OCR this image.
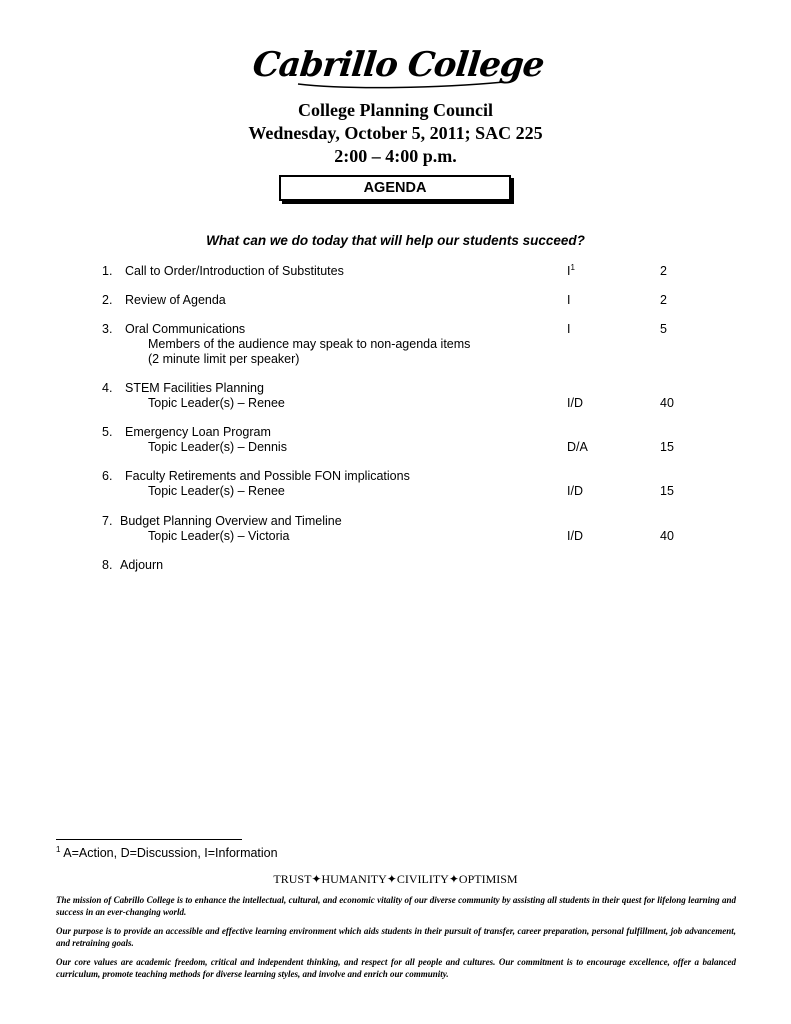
Cabrillo College
College Planning Council
Wednesday, October 5, 2011; SAC 225
2:00 – 4:00 p.m.
AGENDA
What can we do today that will help our students succeed?
1. Call to Order/Introduction of Substitutes	$I^1$	2
2. Review of Agenda	I	2
3. Oral Communications	I	5
Members of the audience may speak to non-agenda items
(2 minute limit per speaker)
4. STEM Facilities Planning
Topic Leader(s) – Renee	I/D	40
5. Emergency Loan Program
Topic Leader(s) – Dennis	D/A	15
6. Faculty Retirements and Possible FON implications
Topic Leader(s) – Renee	I/D	15
7. Budget Planning Overview and Timeline
Topic Leader(s) – Victoria	I/D	40
8. Adjourn
$^1$ A=Action, D=Discussion, I=Information
TRUST✦HUMANITY✦CIVILITY✦OPTIMISM
The mission of Cabrillo College is to enhance the intellectual, cultural, and economic vitality of our diverse community by assisting all students in their quest for lifelong learning and success in an ever-changing world.
Our purpose is to provide an accessible and effective learning environment which aids students in their pursuit of transfer, career preparation, personal fulfillment, job advancement, and retraining goals.
Our core values are academic freedom, critical and independent thinking, and respect for all people and cultures. Our commitment is to encourage excellence, offer a balanced curriculum, promote teaching methods for diverse learning styles, and involve and enrich our community.
